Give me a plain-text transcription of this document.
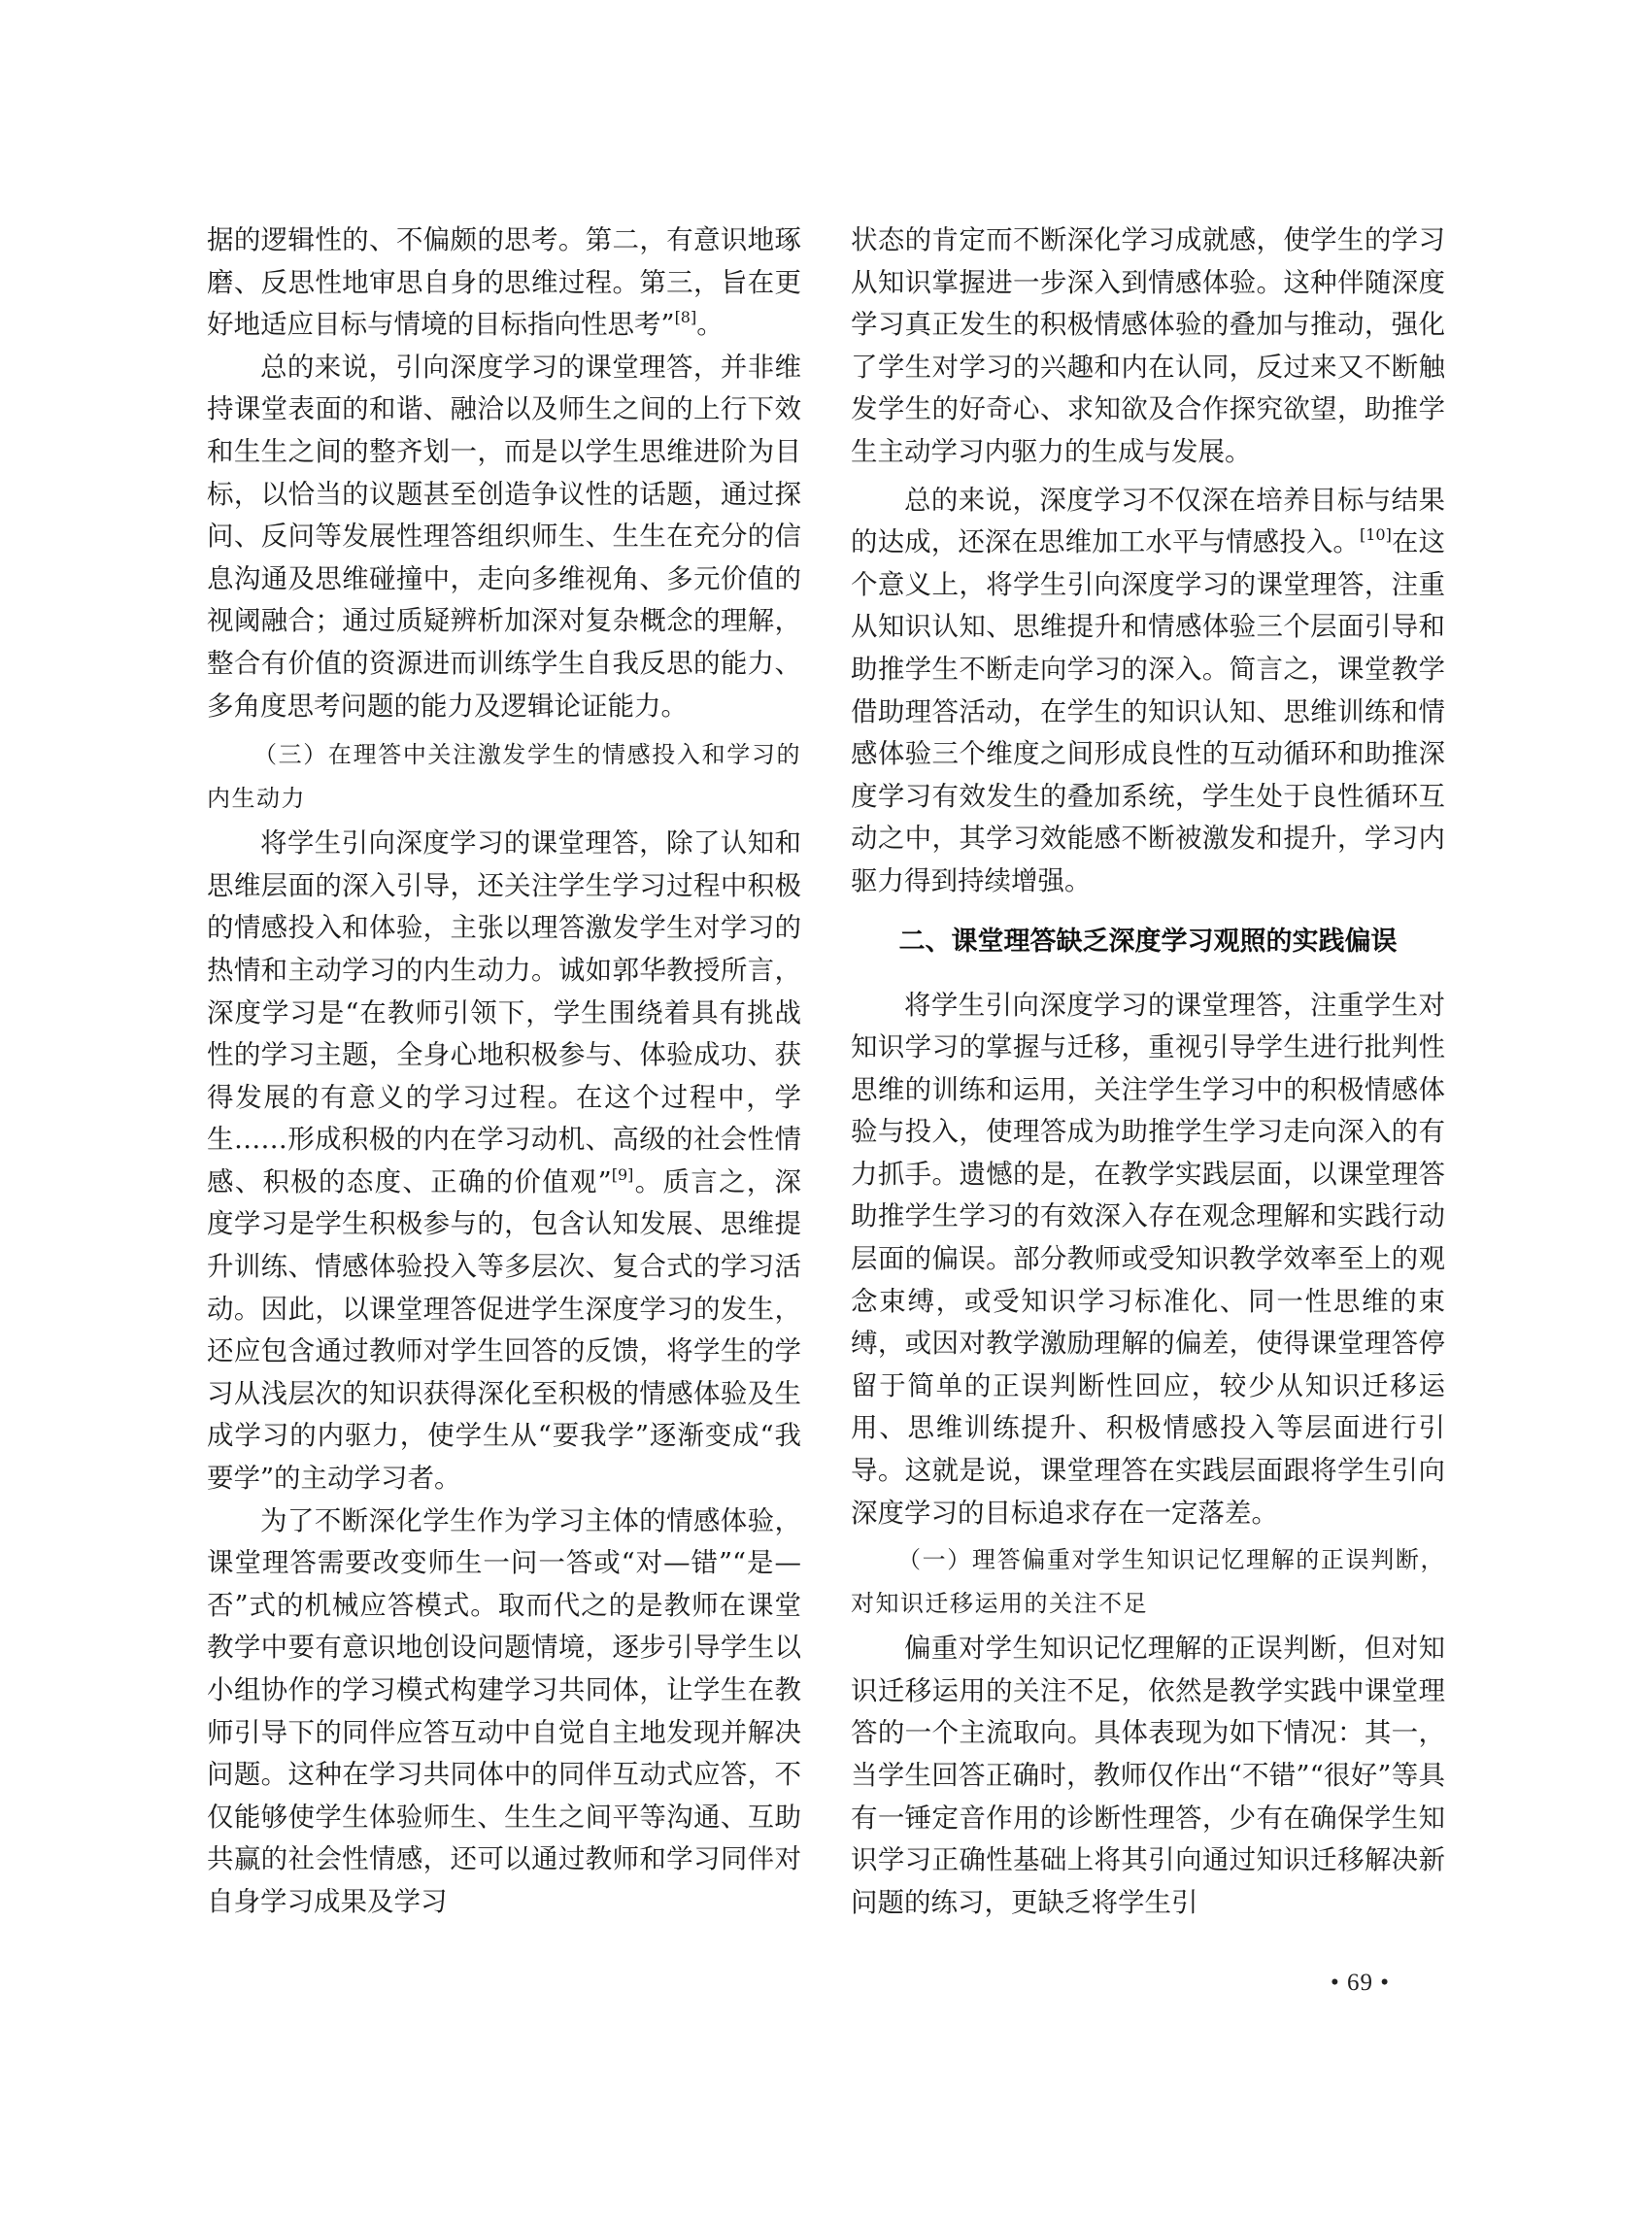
据的逻辑性的、不偏颇的思考。第二，有意识地琢磨、反思性地审思自身的思维过程。第三，旨在更好地适应目标与情境的目标指向性思考”[8]。

总的来说，引向深度学习的课堂理答，并非维持课堂表面的和谐、融洽以及师生之间的上行下效和生生之间的整齐划一，而是以学生思维进阶为目标，以恰当的议题甚至创造争议性的话题，通过探问、反问等发展性理答组织师生、生生在充分的信息沟通及思维碰撞中，走向多维视角、多元价值的视阈融合；通过质疑辨析加深对复杂概念的理解，整合有价值的资源进而训练学生自我反思的能力、多角度思考问题的能力及逻辑论证能力。

（三）在理答中关注激发学生的情感投入和学习的内生动力

将学生引向深度学习的课堂理答，除了认知和思维层面的深入引导，还关注学生学习过程中积极的情感投入和体验，主张以理答激发学生对学习的热情和主动学习的内生动力。诚如郭华教授所言，深度学习是“在教师引领下，学生围绕着具有挑战性的学习主题，全身心地积极参与、体验成功、获得发展的有意义的学习过程。在这个过程中，学生……形成积极的内在学习动机、高级的社会性情感、积极的态度、正确的价值观”[9]。质言之，深度学习是学生积极参与的，包含认知发展、思维提升训练、情感体验投入等多层次、复合式的学习活动。因此，以课堂理答促进学生深度学习的发生，还应包含通过教师对学生回答的反馈，将学生的学习从浅层次的知识获得深化至积极的情感体验及生成学习的内驱力，使学生从“要我学”逐渐变成“我要学”的主动学习者。

为了不断深化学生作为学习主体的情感体验，课堂理答需要改变师生一问一答或“对—错”“是—否”式的机械应答模式。取而代之的是教师在课堂教学中要有意识地创设问题情境，逐步引导学生以小组协作的学习模式构建学习共同体，让学生在教师引导下的同伴应答互动中自觉自主地发现并解决问题。这种在学习共同体中的同伴互动式应答，不仅能够使学生体验师生、生生之间平等沟通、互助共赢的社会性情感，还可以通过教师和学习同伴对自身学习成果及学习

状态的肯定而不断深化学习成就感，使学生的学习从知识掌握进一步深入到情感体验。这种伴随深度学习真正发生的积极情感体验的叠加与推动，强化了学生对学习的兴趣和内在认同，反过来又不断触发学生的好奇心、求知欲及合作探究欲望，助推学生主动学习内驱力的生成与发展。

总的来说，深度学习不仅深在培养目标与结果的达成，还深在思维加工水平与情感投入。[10]在这个意义上，将学生引向深度学习的课堂理答，注重从知识认知、思维提升和情感体验三个层面引导和助推学生不断走向学习的深入。简言之，课堂教学借助理答活动，在学生的知识认知、思维训练和情感体验三个维度之间形成良性的互动循环和助推深度学习有效发生的叠加系统，学生处于良性循环互动之中，其学习效能感不断被激发和提升，学习内驱力得到持续增强。

二、课堂理答缺乏深度学习观照的实践偏误

将学生引向深度学习的课堂理答，注重学生对知识学习的掌握与迁移，重视引导学生进行批判性思维的训练和运用，关注学生学习中的积极情感体验与投入，使理答成为助推学生学习走向深入的有力抓手。遗憾的是，在教学实践层面，以课堂理答助推学生学习的有效深入存在观念理解和实践行动层面的偏误。部分教师或受知识教学效率至上的观念束缚，或受知识学习标准化、同一性思维的束缚，或因对教学激励理解的偏差，使得课堂理答停留于简单的正误判断性回应，较少从知识迁移运用、思维训练提升、积极情感投入等层面进行引导。这就是说，课堂理答在实践层面跟将学生引向深度学习的目标追求存在一定落差。

（一）理答偏重对学生知识记忆理解的正误判断，对知识迁移运用的关注不足

偏重对学生知识记忆理解的正误判断，但对知识迁移运用的关注不足，依然是教学实践中课堂理答的一个主流取向。具体表现为如下情况：其一，当学生回答正确时，教师仅作出“不错”“很好”等具有一锤定音作用的诊断性理答，少有在确保学生知识学习正确性基础上将其引向通过知识迁移解决新问题的练习，更缺乏将学生引

• 69 •
